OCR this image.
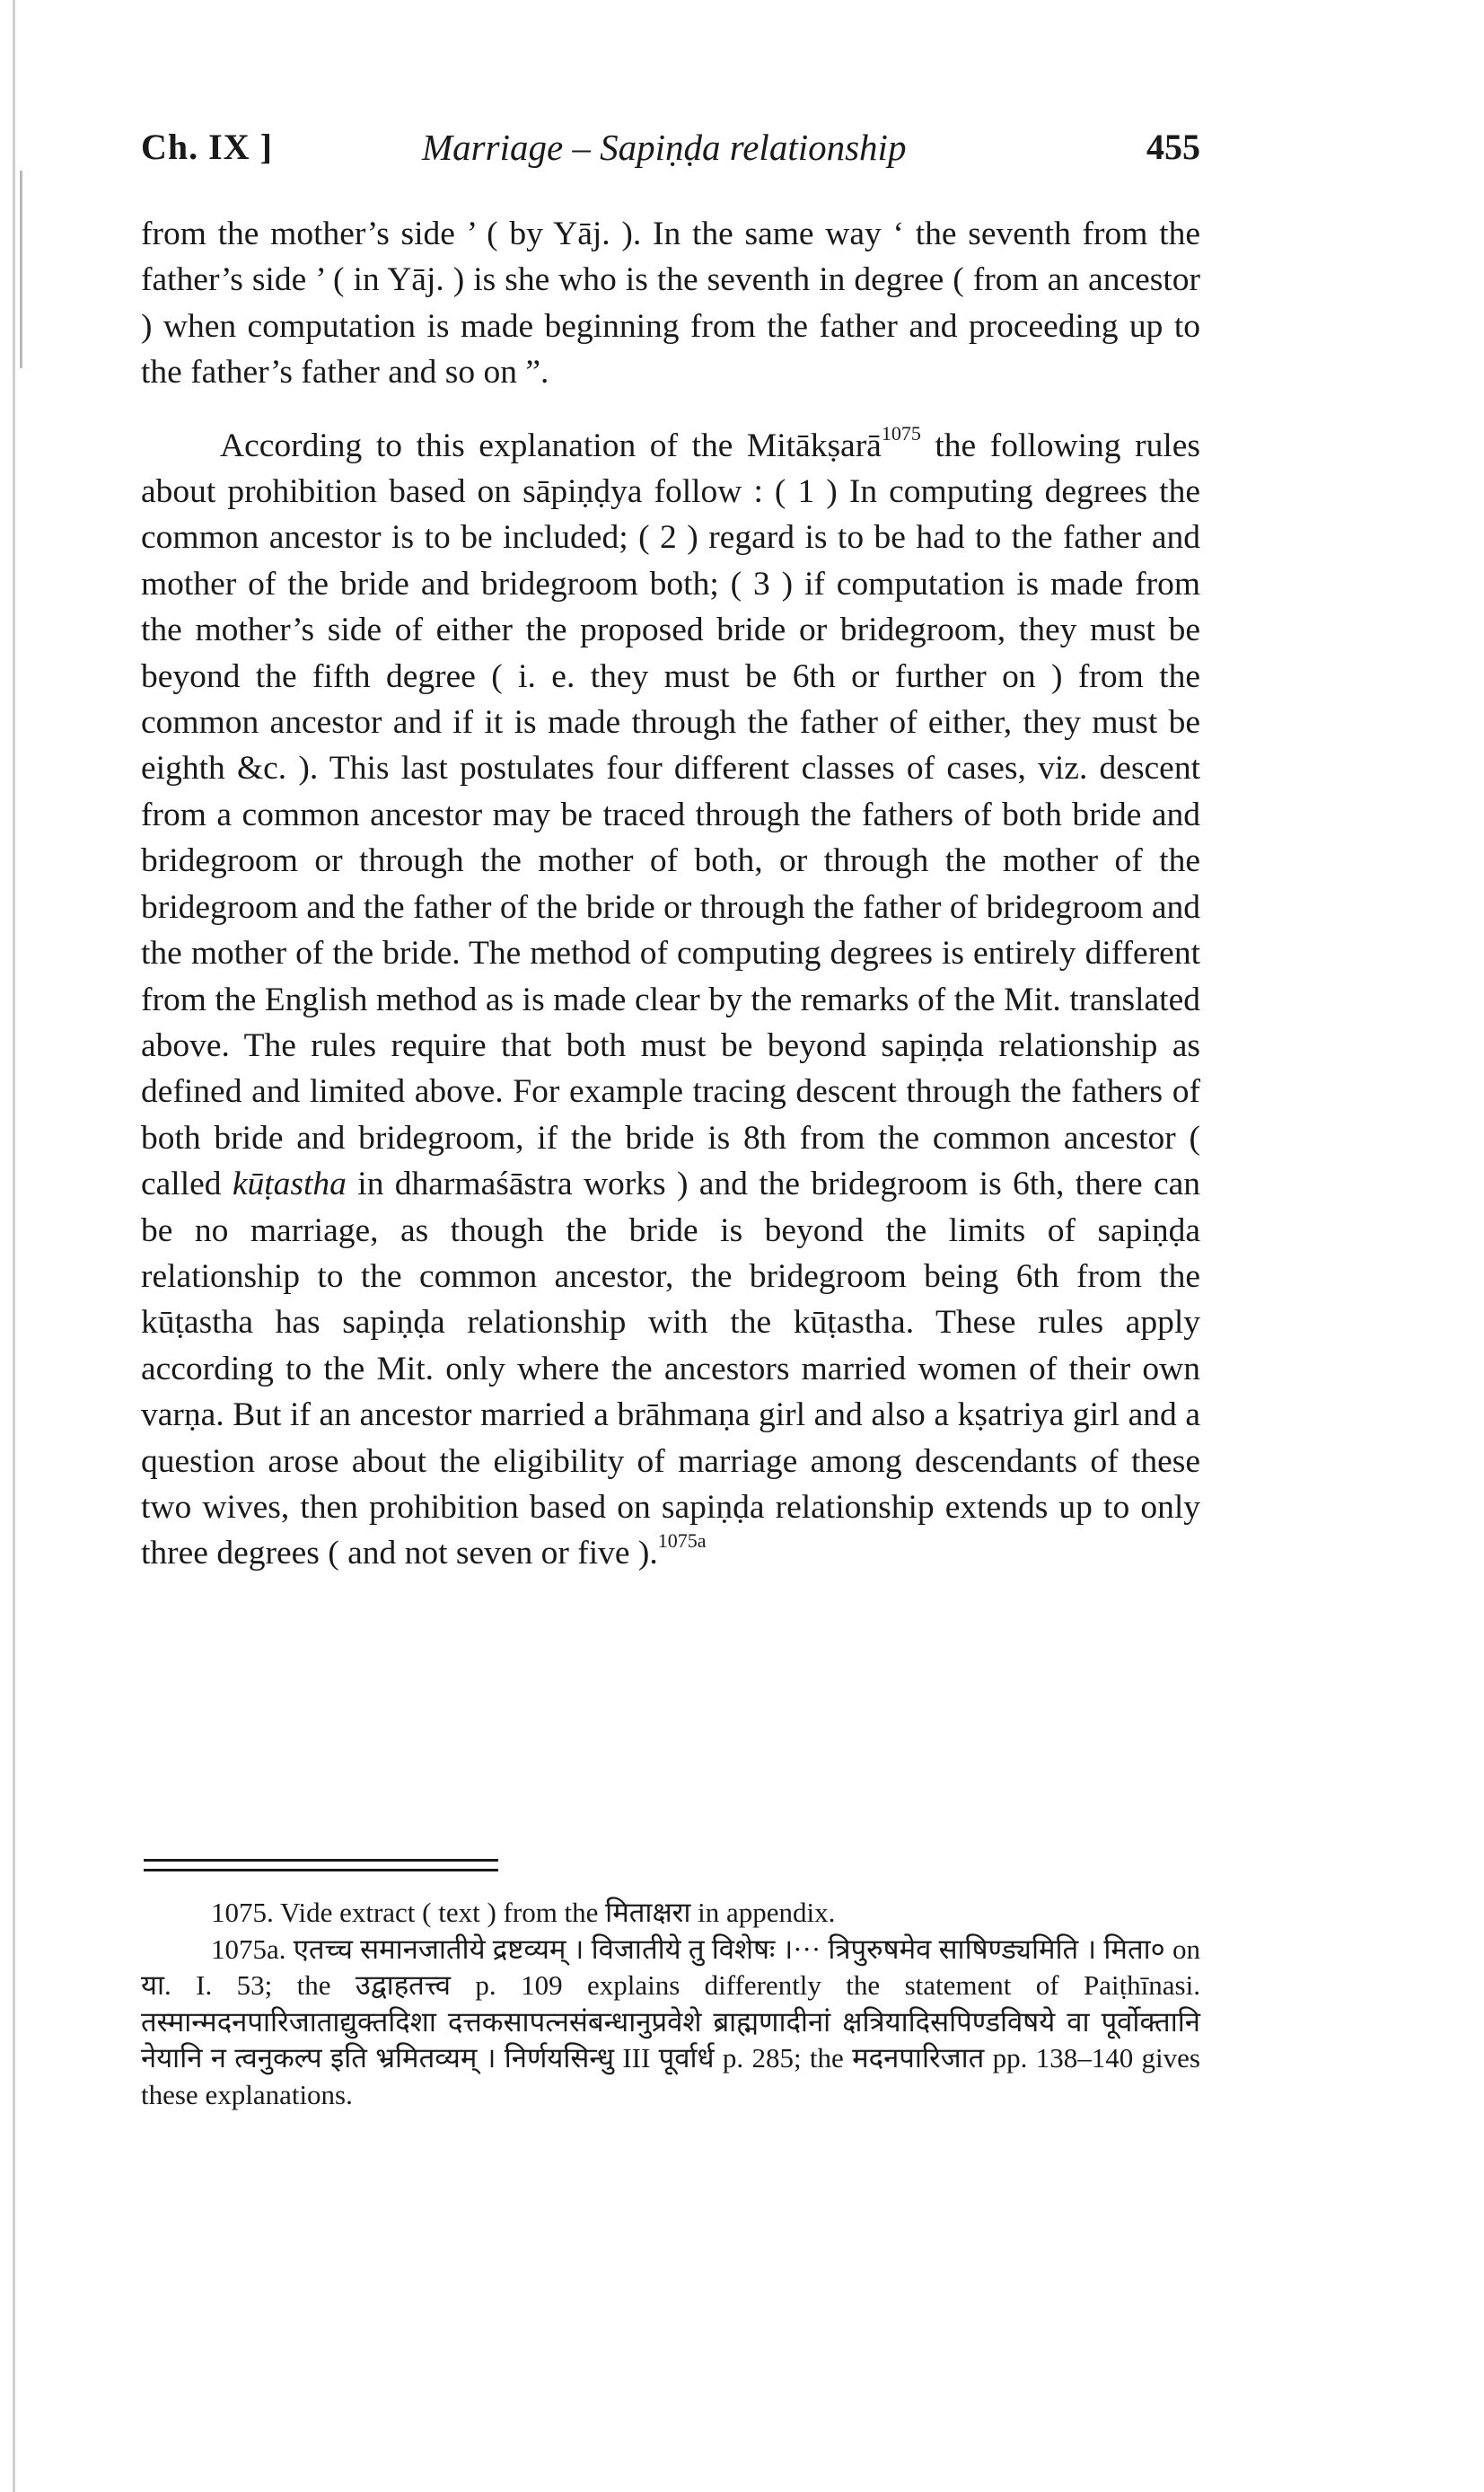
Ch. IX ]	Marriage – Sapiṇḍa relationship	455

from the mother’s side ’ ( by Yāj. ). In the same way ‘ the seventh from the father’s side ’ ( in Yāj. ) is she who is the seventh in degree ( from an ancestor ) when computation is made beginning from the father and proceeding up to the father’s father and so on ”.

According to this explanation of the Mitākṣarā$^{1075}$ the following rules about prohibition based on sāpiṇḍya follow : ( 1 ) In computing degrees the common ancestor is to be included; ( 2 ) regard is to be had to the father and mother of the bride and bridegroom both; ( 3 ) if computation is made from the mother’s side of either the proposed bride or bridegroom, they must be beyond the fifth degree ( i. e. they must be 6th or further on ) from the common ancestor and if it is made through the father of either, they must be eighth &c. ). This last postulates four different classes of cases, viz. descent from a common ancestor may be traced through the fathers of both bride and bridegroom or through the mother of both, or through the mother of the bridegroom and the father of the bride or through the father of bridegroom and the mother of the bride. The method of computing degrees is entirely different from the English method as is made clear by the remarks of the Mit. translated above. The rules require that both must be beyond sapiṇḍa relationship as defined and limited above. For example tracing descent through the fathers of both bride and bridegroom, if the bride is 8th from the common ancestor ( called kūṭastha in dharmaśāstra works ) and the bridegroom is 6th, there can be no marriage, as though the bride is beyond the limits of sapiṇḍa relationship to the common ancestor, the bridegroom being 6th from the kūṭastha has sapiṇḍa relationship with the kūṭastha. These rules apply according to the Mit. only where the ancestors married women of their own varṇa. But if an ancestor married a brāhmaṇa girl and also a kṣatriya girl and a question arose about the eligibility of marriage among descendants of these two wives, then prohibition based on sapiṇḍa relationship extends up to only three degrees ( and not seven or five ).$^{1075a}$

1075. Vide extract ( text ) from the मिताक्षरा in appendix.

1075a. एतच्च समानजातीये द्रष्टव्यम् । विजातीये तु विशेषः ।··· त्रिपुरुषमेव साषिण्ड्यमिति । मिता० on या. I. 53; the उद्वाहतत्त्व p. 109 explains differently the statement of Paiṭhīnasi. तस्मान्मदनपारिजाताद्युक्तदिशा दत्तकसापत्नसंबन्धानुप्रवेशे ब्राह्मणादीनां क्षत्रियादिसपिण्डविषये वा पूर्वोक्तानि नेयानि न त्वनुकल्प इति भ्रमितव्यम् । निर्णयसिन्धु III पूर्वार्ध p. 285; the मदनपारिजात pp. 138–140 gives these explanations.
